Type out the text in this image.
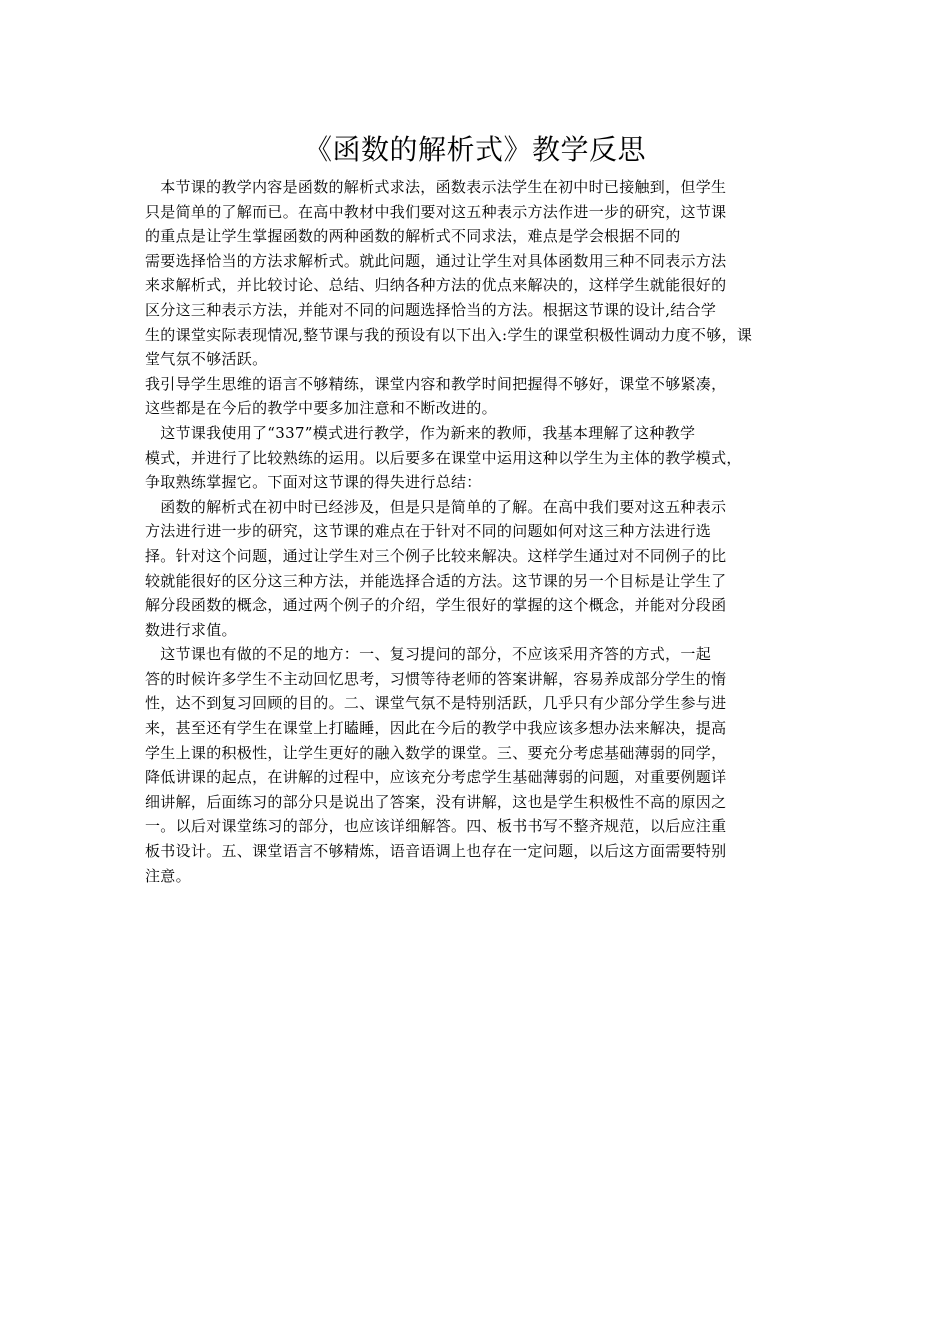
《函数的解析式》教学反思
本节课的教学内容是函数的解析式求法，函数表示法学生在初中时已接触到，但学生
只是简单的了解而已。在高中教材中我们要对这五种表示方法作进一步的研究，这节课
的重点是让学生掌握函数的两种函数的解析式不同求法，难点是学会根据不同的
需要选择恰当的方法求解析式。就此问题，通过让学生对具体函数用三种不同表示方法
来求解析式，并比较讨论、总结、归纳各种方法的优点来解决的，这样学生就能很好的
区分这三种表示方法，并能对不同的问题选择恰当的方法。根据这节课的设计,结合学
生的课堂实际表现情况,整节课与我的预设有以下出入:学生的课堂积极性调动力度不够，课
堂气氛不够活跃。
我引导学生思维的语言不够精练，课堂内容和教学时间把握得不够好，课堂不够紧凑，
这些都是在今后的教学中要多加注意和不断改进的。
这节课我使用了“337”模式进行教学，作为新来的教师，我基本理解了这种教学
模式，并进行了比较熟练的运用。以后要多在课堂中运用这种以学生为主体的教学模式，
争取熟练掌握它。下面对这节课的得失进行总结：
函数的解析式在初中时已经涉及，但是只是简单的了解。在高中我们要对这五种表示
方法进行进一步的研究，这节课的难点在于针对不同的问题如何对这三种方法进行选
择。针对这个问题，通过让学生对三个例子比较来解决。这样学生通过对不同例子的比
较就能很好的区分这三种方法，并能选择合适的方法。这节课的另一个目标是让学生了
解分段函数的概念，通过两个例子的介绍，学生很好的掌握的这个概念，并能对分段函
数进行求值。
这节课也有做的不足的地方：一、复习提问的部分，不应该采用齐答的方式，一起
答的时候许多学生不主动回忆思考，习惯等待老师的答案讲解，容易养成部分学生的惰
性，达不到复习回顾的目的。二、课堂气氛不是特别活跃，几乎只有少部分学生参与进
来，甚至还有学生在课堂上打瞌睡，因此在今后的教学中我应该多想办法来解决，提高
学生上课的积极性，让学生更好的融入数学的课堂。三、要充分考虑基础薄弱的同学，
降低讲课的起点，在讲解的过程中，应该充分考虑学生基础薄弱的问题，对重要例题详
细讲解，后面练习的部分只是说出了答案，没有讲解，这也是学生积极性不高的原因之
一。以后对课堂练习的部分，也应该详细解答。四、板书书写不整齐规范，以后应注重
板书设计。五、课堂语言不够精炼，语音语调上也存在一定问题，以后这方面需要特别
注意。
